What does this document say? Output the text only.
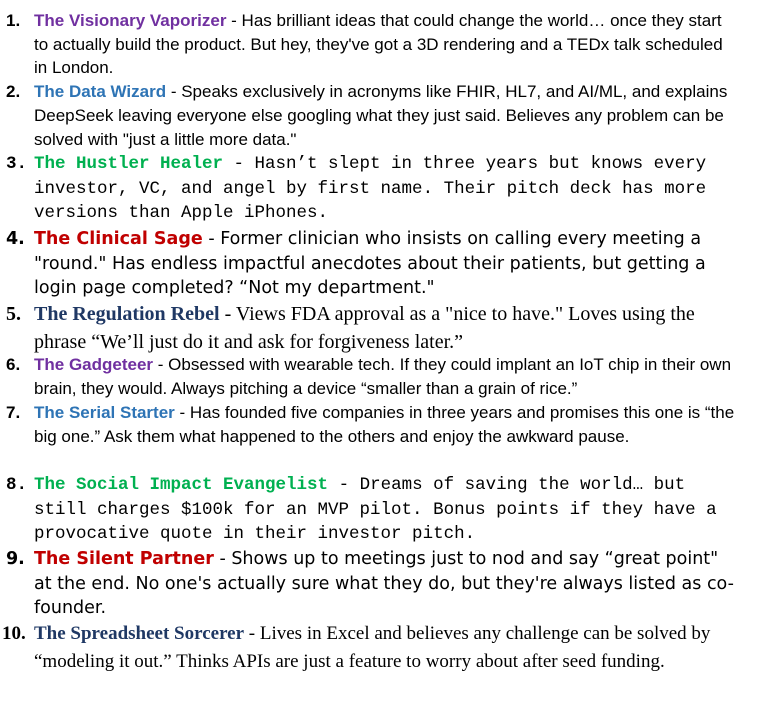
1. The Visionary Vaporizer - Has brilliant ideas that could change the world… once they start to actually build the product. But hey, they've got a 3D rendering and a TEDx talk scheduled in London.
2. The Data Wizard - Speaks exclusively in acronyms like FHIR, HL7, and AI/ML, and explains DeepSeek leaving everyone else googling what they just said. Believes any problem can be solved with "just a little more data."
3. The Hustler Healer - Hasn’t slept in three years but knows every investor, VC, and angel by first name. Their pitch deck has more versions than Apple iPhones.
4. The Clinical Sage - Former clinician who insists on calling every meeting a "round." Has endless impactful anecdotes about their patients, but getting a login page completed? “Not my department."
5. The Regulation Rebel - Views FDA approval as a "nice to have." Loves using the phrase “We’ll just do it and ask for forgiveness later.”
6. The Gadgeteer - Obsessed with wearable tech. If they could implant an IoT chip in their own brain, they would. Always pitching a device “smaller than a grain of rice.”
7. The Serial Starter - Has founded five companies in three years and promises this one is “the big one.” Ask them what happened to the others and enjoy the awkward pause.
8. The Social Impact Evangelist - Dreams of saving the world… but still charges $100k for an MVP pilot. Bonus points if they have a provocative quote in their investor pitch.
9. The Silent Partner - Shows up to meetings just to nod and say “great point" at the end. No one's actually sure what they do, but they're always listed as co-founder.
10. The Spreadsheet Sorcerer - Lives in Excel and believes any challenge can be solved by “modeling it out.” Thinks APIs are just a feature to worry about after seed funding.
